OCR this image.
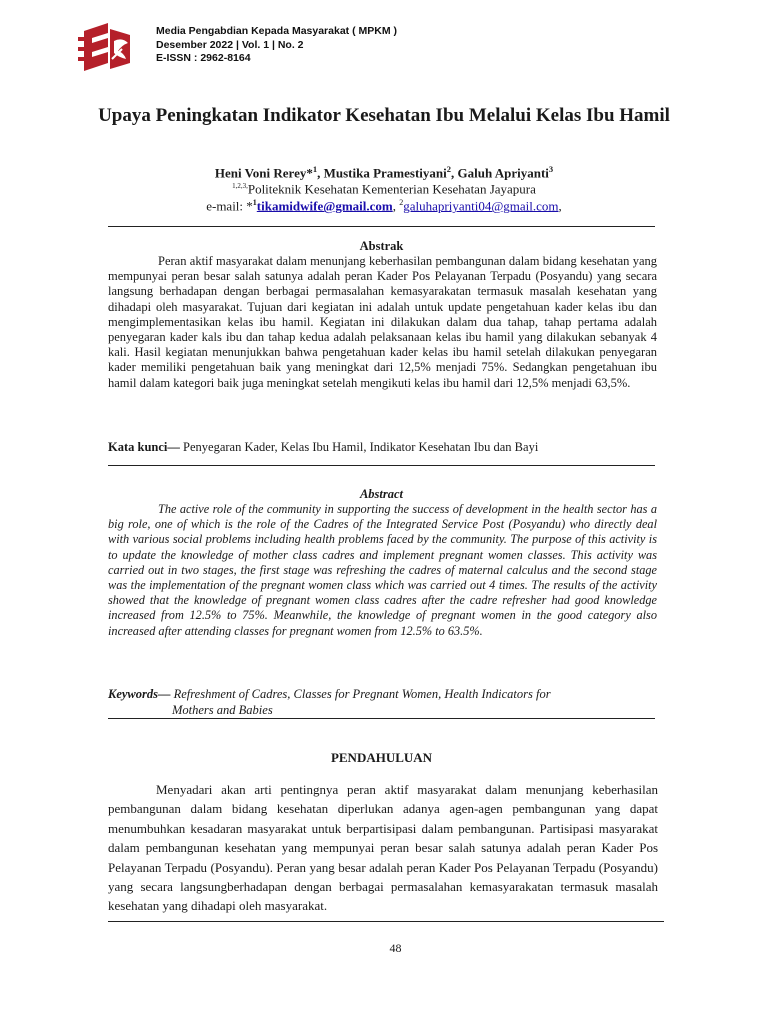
Media Pengabdian Kepada Masyarakat ( MPKM )
Desember 2022 | Vol. 1 | No. 2
E-ISSN : 2962-8164
Upaya Peningkatan Indikator Kesehatan Ibu Melalui Kelas Ibu Hamil
Heni Voni Rerey*$^1$, Mustika Pramestiyani$^2$, Galuh Apriyanti$^3$
$^{1,2,3,}$Politeknik Kesehatan Kementerian Kesehatan Jayapura
e-mail: *$^1$tikamidwife@gmail.com, $^2$galuhapriyanti04@gmail.com,
Abstrak
Peran aktif masyarakat dalam menunjang keberhasilan pembangunan dalam bidang kesehatan yang mempunyai peran besar salah satunya adalah peran Kader Pos Pelayanan Terpadu (Posyandu) yang secara langsung berhadapan dengan berbagai permasalahan kemasyarakatan termasuk masalah kesehatan yang dihadapi oleh masyarakat. Tujuan dari kegiatan ini adalah untuk update pengetahuan kader kelas ibu dan mengimplementasikan kelas ibu hamil. Kegiatan ini dilakukan dalam dua tahap, tahap pertama adalah penyegaran kader kals ibu dan tahap kedua adalah pelaksanaan kelas ibu hamil yang dilakukan sebanyak 4 kali. Hasil kegiatan menunjukkan bahwa pengetahuan kader kelas ibu hamil setelah dilakukan penyegaran kader memiliki pengetahuan baik yang meningkat dari 12,5% menjadi 75%. Sedangkan pengetahuan ibu hamil dalam kategori baik juga meningkat setelah mengikuti kelas ibu hamil dari 12,5% menjadi 63,5%.
Kata kunci— Penyegaran Kader, Kelas Ibu Hamil, Indikator Kesehatan Ibu dan Bayi
Abstract
The active role of the community in supporting the success of development in the health sector has a big role, one of which is the role of the Cadres of the Integrated Service Post (Posyandu) who directly deal with various social problems including health problems faced by the community. The purpose of this activity is to update the knowledge of mother class cadres and implement pregnant women classes. This activity was carried out in two stages, the first stage was refreshing the cadres of maternal calculus and the second stage was the implementation of the pregnant women class which was carried out 4 times. The results of the activity showed that the knowledge of pregnant women class cadres after the cadre refresher had good knowledge increased from 12.5% to 75%. Meanwhile, the knowledge of pregnant women in the good category also increased after attending classes for pregnant women from 12.5% to 63.5%.
Keywords— Refreshment of Cadres, Classes for Pregnant Women, Health Indicators for
Mothers and Babies
PENDAHULUAN
Menyadari akan arti pentingnya peran aktif masyarakat dalam menunjang keberhasilan pembangunan dalam bidang kesehatan diperlukan adanya agen-agen pembangunan yang dapat menumbuhkan kesadaran masyarakat untuk berpartisipasi dalam pembangunan. Partisipasi masyarakat dalam pembangunan kesehatan yang mempunyai peran besar salah satunya adalah peran Kader Pos Pelayanan Terpadu (Posyandu). Peran yang besar adalah peran Kader Pos Pelayanan Terpadu (Posyandu) yang secara langsungberhadapan dengan berbagai permasalahan kemasyarakatan termasuk masalah kesehatan yang dihadapi oleh masyarakat.
48
